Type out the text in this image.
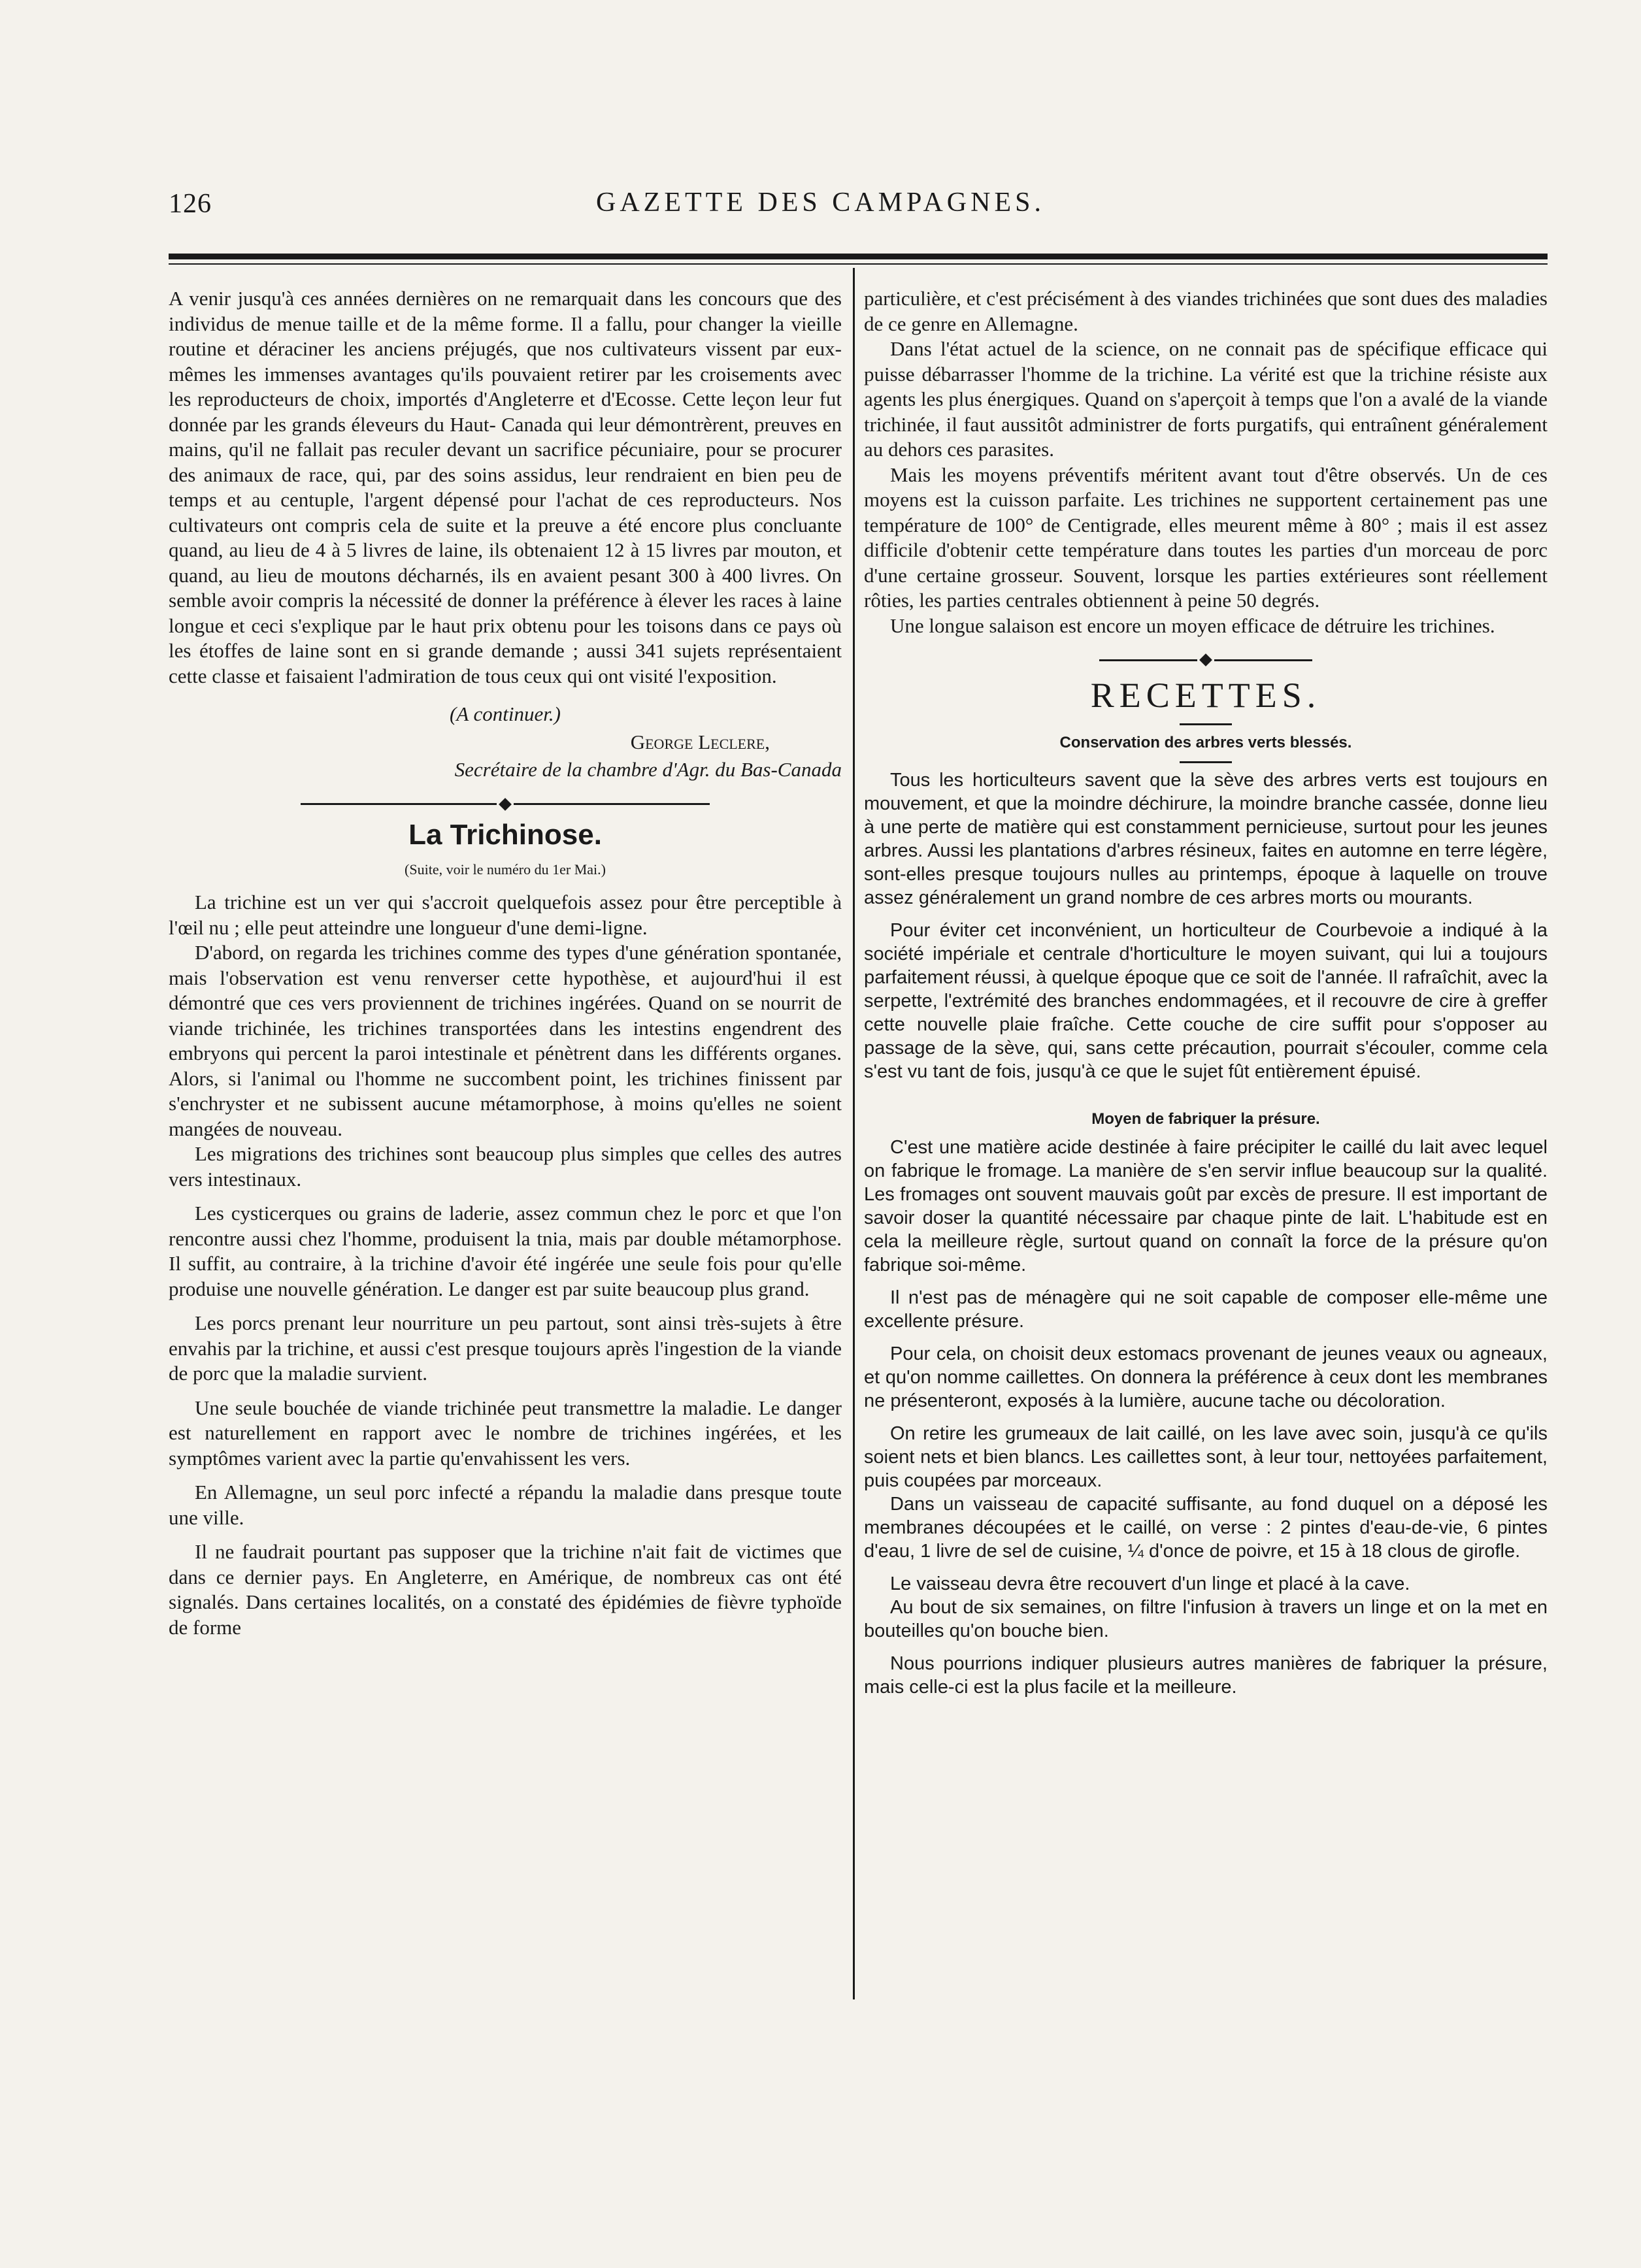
126	GAZETTE DES CAMPAGNES.

A venir jusqu'à ces années dernières on ne remarquait dans les concours que des individus de menue taille et de la même forme. Il a fallu, pour changer la vieille routine et déraciner les anciens préjugés, que nos cultivateurs vissent par eux-mêmes les immenses avantages qu'ils pouvaient retirer par les croisements avec les reproducteurs de choix, importés d'Angleterre et d'Ecosse. Cette leçon leur fut donnée par les grands éleveurs du Haut- Canada qui leur démontrèrent, preuves en mains, qu'il ne fallait pas reculer devant un sacrifice pécuniaire, pour se procurer des animaux de race, qui, par des soins assidus, leur rendraient en bien peu de temps et au centuple, l'argent dépensé pour l'achat de ces reproducteurs. Nos cultivateurs ont compris cela de suite et la preuve a été encore plus concluante quand, au lieu de 4 à 5 livres de laine, ils obtenaient 12 à 15 livres par mouton, et quand, au lieu de moutons décharnés, ils en avaient pesant 300 à 400 livres. On semble avoir compris la nécessité de donner la préférence à élever les races à laine longue et ceci s'explique par le haut prix obtenu pour les toisons dans ce pays où les étoffes de laine sont en si grande demande ; aussi 341 sujets représentaient cette classe et faisaient l'admiration de tous ceux qui ont visité l'exposition.

(A continuer.)
George Leclere,
Secrétaire de la chambre d'Agr. du Bas-Canada
La Trichinose.
(Suite, voir le numéro du 1er Mai.)

La trichine est un ver qui s'accroit quelquefois assez pour être perceptible à l'œil nu ; elle peut atteindre une longueur d'une demi-ligne.

D'abord, on regarda les trichines comme des types d'une génération spontanée, mais l'observation est venu renverser cette hypothèse, et aujourd'hui il est démontré que ces vers proviennent de trichines ingérées. Quand on se nourrit de viande trichinée, les trichines transportées dans les intestins engendrent des embryons qui percent la paroi intestinale et pénètrent dans les différents organes. Alors, si l'animal ou l'homme ne succombent point, les trichines finissent par s'enchryster et ne subissent aucune métamorphose, à moins qu'elles ne soient mangées de nouveau.

Les migrations des trichines sont beaucoup plus simples que celles des autres vers intestinaux.

Les cysticerques ou grains de laderie, assez commun chez le porc et que l'on rencontre aussi chez l'homme, produisent la tnia, mais par double métamorphose. Il suffit, au contraire, à la trichine d'avoir été ingérée une seule fois pour qu'elle produise une nouvelle génération. Le danger est par suite beaucoup plus grand.

Les porcs prenant leur nourriture un peu partout, sont ainsi très-sujets à être envahis par la trichine, et aussi c'est presque toujours après l'ingestion de la viande de porc que la maladie survient.

Une seule bouchée de viande trichinée peut transmettre la maladie. Le danger est naturellement en rapport avec le nombre de trichines ingérées, et les symptômes varient avec la partie qu'envahissent les vers.

En Allemagne, un seul porc infecté a répandu la maladie dans presque toute une ville.

Il ne faudrait pourtant pas supposer que la trichine n'ait fait de victimes que dans ce dernier pays. En Angleterre, en Amérique, de nombreux cas ont été signalés. Dans certaines localités, on a constaté des épidémies de fièvre typhoïde de forme

particulière, et c'est précisément à des viandes trichinées que sont dues des maladies de ce genre en Allemagne.

Dans l'état actuel de la science, on ne connait pas de spécifique efficace qui puisse débarrasser l'homme de la trichine. La vérité est que la trichine résiste aux agents les plus énergiques. Quand on s'aperçoit à temps que l'on a avalé de la viande trichinée, il faut aussitôt administrer de forts purgatifs, qui entraînent généralement au dehors ces parasites.

Mais les moyens préventifs méritent avant tout d'être observés. Un de ces moyens est la cuisson parfaite. Les trichines ne supportent certainement pas une température de 100° de Centigrade, elles meurent même à 80° ; mais il est assez difficile d'obtenir cette température dans toutes les parties d'un morceau de porc d'une certaine grosseur. Souvent, lorsque les parties extérieures sont réellement rôties, les parties centrales obtiennent à peine 50 degrés.

Une longue salaison est encore un moyen efficace de détruire les trichines.

RECETTES.
Conservation des arbres verts blessés.

Tous les horticulteurs savent que la sève des arbres verts est toujours en mouvement, et que la moindre déchirure, la moindre branche cassée, donne lieu à une perte de matière qui est constamment pernicieuse, surtout pour les jeunes arbres. Aussi les plantations d'arbres résineux, faites en automne en terre légère, sont-elles presque toujours nulles au printemps, époque à laquelle on trouve assez généralement un grand nombre de ces arbres morts ou mourants.

Pour éviter cet inconvénient, un horticulteur de Courbevoie a indiqué à la société impériale et centrale d'horticulture le moyen suivant, qui lui a toujours parfaitement réussi, à quelque époque que ce soit de l'année. Il rafraîchit, avec la serpette, l'extrémité des branches endommagées, et il recouvre de cire à greffer cette nouvelle plaie fraîche. Cette couche de cire suffit pour s'opposer au passage de la sève, qui, sans cette précaution, pourrait s'écouler, comme cela s'est vu tant de fois, jusqu'à ce que le sujet fût entièrement épuisé.

Moyen de fabriquer la présure.

C'est une matière acide destinée à faire précipiter le caillé du lait avec lequel on fabrique le fromage. La manière de s'en servir influe beaucoup sur la qualité. Les fromages ont souvent mauvais goût par excès de presure. Il est important de savoir doser la quantité nécessaire par chaque pinte de lait. L'habitude est en cela la meilleure règle, surtout quand on connaît la force de la présure qu'on fabrique soi-même.

Il n'est pas de ménagère qui ne soit capable de composer elle-même une excellente présure.

Pour cela, on choisit deux estomacs provenant de jeunes veaux ou agneaux, et qu'on nomme caillettes. On donnera la préférence à ceux dont les membranes ne présenteront, exposés à la lumière, aucune tache ou décoloration.

On retire les grumeaux de lait caillé, on les lave avec soin, jusqu'à ce qu'ils soient nets et bien blancs. Les caillettes sont, à leur tour, nettoyées parfaitement, puis coupées par morceaux.

Dans un vaisseau de capacité suffisante, au fond duquel on a déposé les membranes découpées et le caillé, on verse : 2 pintes d'eau-de-vie, 6 pintes d'eau, 1 livre de sel de cuisine, ¼ d'once de poivre, et 15 à 18 clous de girofle.

Le vaisseau devra être recouvert d'un linge et placé à la cave.

Au bout de six semaines, on filtre l'infusion à travers un linge et on la met en bouteilles qu'on bouche bien.

Nous pourrions indiquer plusieurs autres manières de fabriquer la présure, mais celle-ci est la plus facile et la meilleure.
